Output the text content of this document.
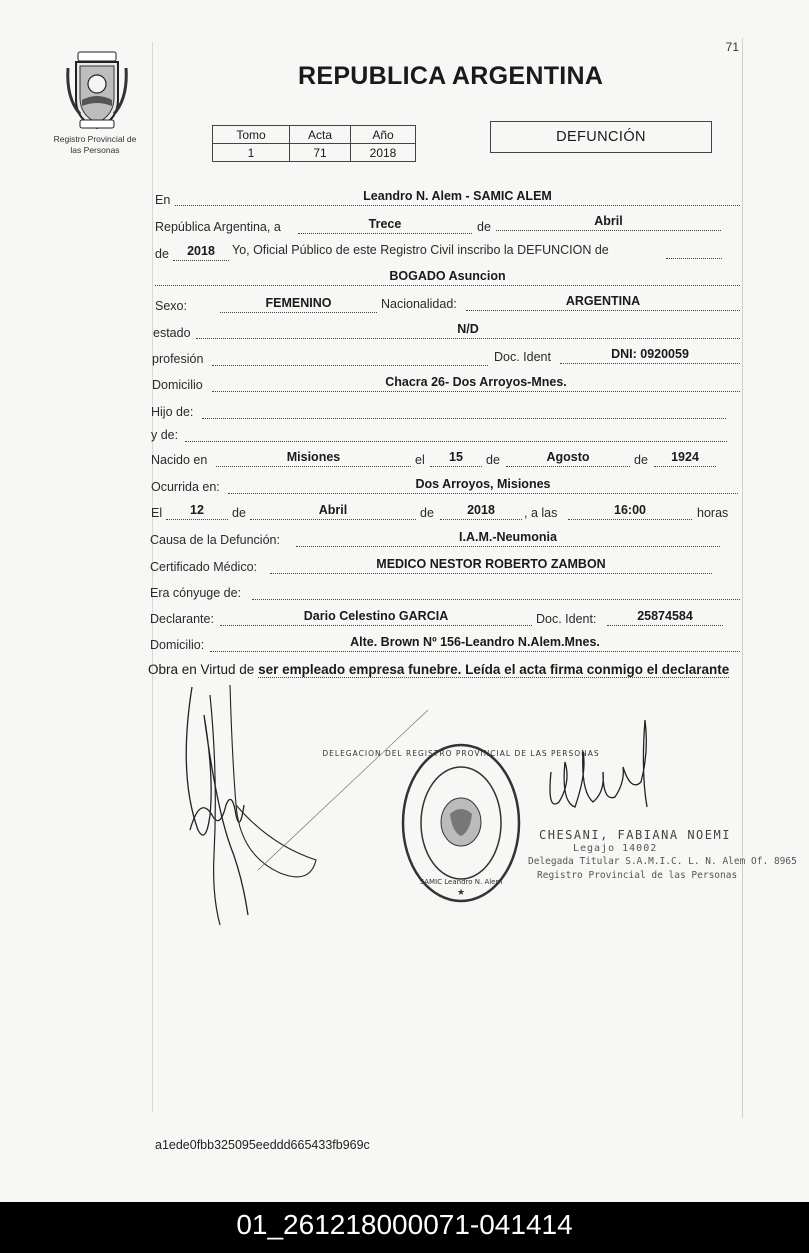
71
Registro Provincial de
las Personas
REPUBLICA ARGENTINA
Tomo	Acta	Año
1	71	2018
DEFUNCIÓN
En	Leandro N. Alem - SAMIC ALEM
República Argentina, a	Trece	de	Abril
de	2018	Yo, Oficial Público de este Registro Civil inscribo la DEFUNCION de
BOGADO Asuncion
Sexo:	FEMENINO	Nacionalidad:	ARGENTINA
estado	N/D
profesión	Doc. Ident	DNI: 0920059
Domicilio	Chacra 26- Dos Arroyos-Mnes.
Hijo de:
y de:
Nacido en	Misiones	el	15	de	Agosto	de	1924
Ocurrida en:	Dos Arroyos, Misiones
El	12	de	Abril	de	2018	, a las	16:00	horas
Causa de la Defunción:	I.A.M.-Neumonia
Certificado Médico:	MEDICO NESTOR ROBERTO ZAMBON
Era cónyuge de:
Declarante:	Dario Celestino GARCIA	Doc. Ident:	25874584
Domicilio:	Alte. Brown Nº 156-Leandro N.Alem.Mnes.
Obra en Virtud de ser empleado empresa funebre. Leída el acta firma conmigo el declarante
DELEGACION DEL REGISTRO PROVINCIAL DE LAS PERSONAS
SAMIC Leandro N. Alem
★
CHESANI, FABIANA NOEMI
Legajo 14002
Delegada Titular S.A.M.I.C. L. N. Alem Of. 8965
Registro Provincial de las Personas
a1ede0fbb325095eeddd665433fb969c
01_261218000071-041414
